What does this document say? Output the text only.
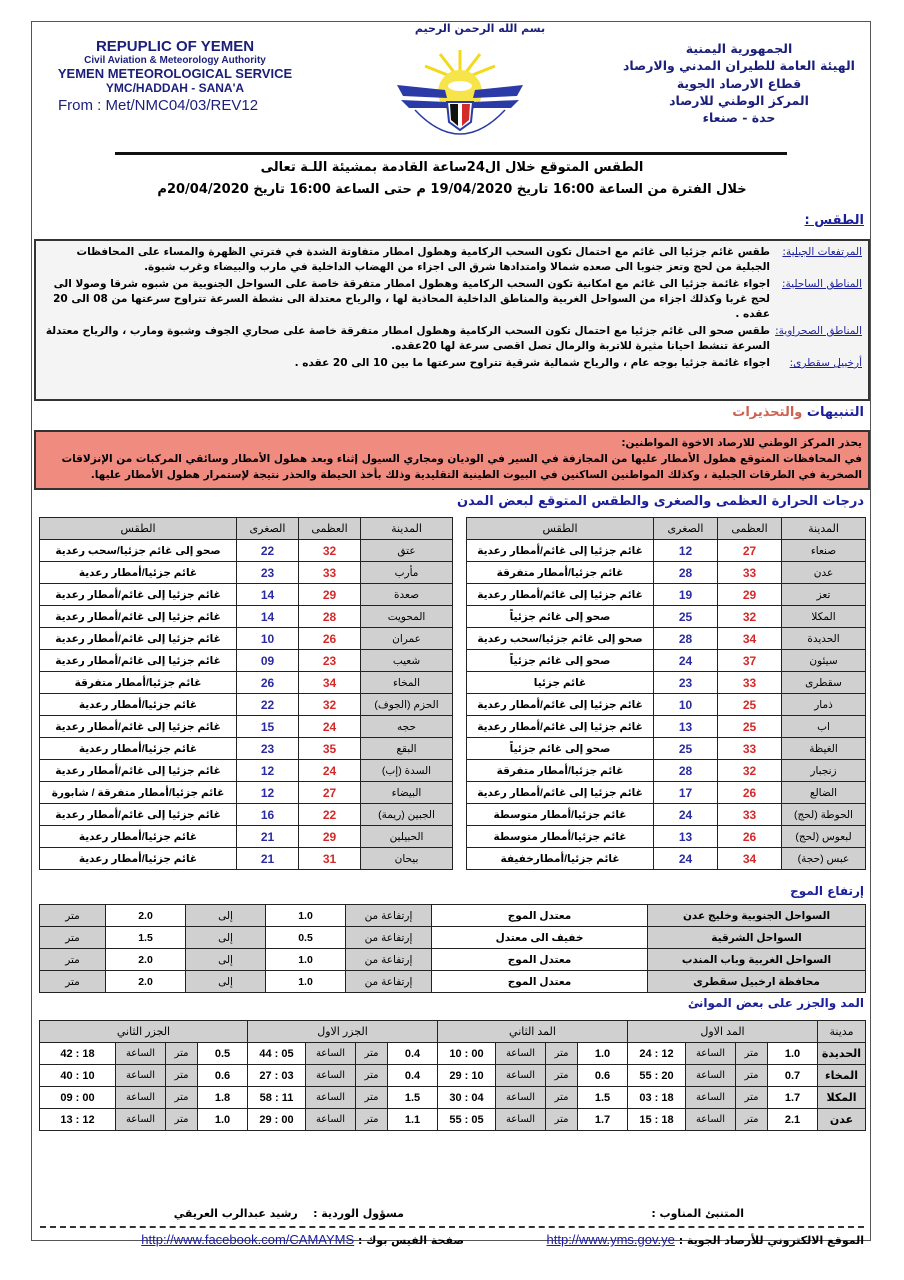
REPUPLIC OF YEMEN
Civil Aviation & Meteorology Authority
YEMEN METEOROLOGICAL SERVICE
YMC/HADDAH - SANA'A
From : Met/NMC04/03/REV12
بسم الله الرحمن الرحيم
الجمهورية اليمنية
الهيئة العامة للطيران المدني والارصاد
قطاع الارصاد الجوية
المركز الوطني للارصاد
حدة - صنعاء
الطقس المتوقع خلال ال24ساعة القادمة بمشيئة اللـة تعالى
خلال الفترة من الساعة 16:00 تاريخ 19/04/2020 م حتى الساعة 16:00 تاريخ 20/04/2020م
الطقس :
المرتفعات الجبلية:
طقس غائم جزئيا الى غائم مع احتمال تكون السحب الركامية وهطول امطار متفاوتة الشدة في فترتي الظهرة والمساء على المحافظات الجبلية من لحج وتعز جنوبا الى صعده شمالا وامتدادها شرق الى اجزاء من الهضاب الداخلية في مارب والبيضاء وغرب شبوة.
المناطق الساحلية:
اجواء غائمة جزئيا الى غائم مع امكانية تكون السحب الركامية وهطول امطار متفرقة خاصة على السواحل الجنوبية من شبوه شرقا وصولا الى لحج غربا وكذلك اجزاء من السواحل الغربية والمناطق الداخلية المحاذية لها ، والرياح معتدلة الى نشطة السرعة تتراوح سرعتها من 08 الى 20 عقده .
المناطق الصحراوية:
طقس صحو الى غائم جزئيا مع احتمال تكون السحب الركامية وهطول امطار متفرقة خاصة على صحاري الجوف وشبوة ومارب ، والرياح معتدلة السرعة تنشط احيانا مثيرة للاتربة والرمال تصل اقصى سرعة لها 20عقده.
أرخبيل سقطرى:
اجواء غائمة جزئيا بوجه عام ، والرياح شمالية شرقية تتراوح سرعتها ما بين 10 الى 20 عقده .
التنبيهات والتحذيرات
يحذر المركز الوطني للارصاد الاخوة المواطنين:
في المحافظات المتوقع هطول الأمطار عليها من المجازفة في السير في الوديان ومجاري السيول إثناء وبعد هطول الأمطار وسائقي المركبات من الإنزلاقات الصخرية في الطرقات الجبلية ، وكذلك المواطنين الساكنين في البيوت الطينية التقليدية وذلك بأخذ الحيطة والحذر نتيجة لإستمرار هطول الأمطار عليها.
درجات الحرارة العظمى والصغرى والطقس المتوقع لبعض المدن
المدينة	العظمى	الصغرى	الطقس
صنعاء	27	12	غائم جزئيا إلى غائم/أمطار رعدية
عدن	33	28	غائم جزئيا/أمطار متفرقة
تعز	29	19	غائم جزئيا إلى غائم/أمطار رعدية
المكلا	32	25	صحو إلى غائم جزئياً
الحديدة	34	28	صحو إلى غائم جزئيا/سحب رعدية
سيئون	37	24	صحو إلى غائم جزئياً
سقطرى	33	23	غائم جزئيا
ذمار	25	10	غائم جزئيا إلى غائم/أمطار رعدية
اب	25	13	غائم جزئيا إلى غائم/أمطار رعدية
الغيظة	33	25	صحو إلى غائم جزئياً
زنجبار	32	28	غائم جزئيا/أمطار متفرقة
الضالع	26	17	غائم جزئيا إلى غائم/أمطار رعدية
الحوطة (لحج)	33	24	غائم جزئيا/أمطار متوسطة
لبعوس (لحج)	26	13	غائم جزئيا/أمطار متوسطة
عبس (حجة)	34	24	غائم جزئيا/أمطارخفيفة
المدينة	العظمى	الصغرى	الطقس
عتق	32	22	صحو إلى غائم جزئيا/سحب رعدية
مأرب	33	23	غائم جزئيا/أمطار رعدية
صعدة	29	14	غائم جزئيا إلى غائم/أمطار رعدية
المحويت	28	14	غائم جزئيا إلى غائم/أمطار رعدية
عمران	26	10	غائم جزئيا إلى غائم/أمطار رعدية
شعيب	23	09	غائم جزئيا إلى غائم/أمطار رعدية
المخاء	34	26	غائم جزئيا/أمطار متفرقة
الحزم (الجوف)	32	22	غائم جزئيا/أمطار رعدية
حجه	24	15	غائم جزئيا إلى غائم/أمطار رعدية
البقع	35	23	غائم جزئيا/أمطار رعدية
السدة (إب)	24	12	غائم جزئيا إلى غائم/أمطار رعدية
البيضاء	27	12	غائم جزئيا/أمطار متفرقة / شابورة
الجبين (ريمة)	22	16	غائم جزئيا إلى غائم/أمطار رعدية
الحبيلين	29	21	غائم جزئيا/أمطار رعدية
بيحان	31	21	غائم جزئيا/أمطار رعدية
إرتفاع الموج
السواحل الجنوبية وخليج عدن	معتدل الموج	إرتفاعة من	1.0	إلى	2.0	متر
السواحل الشرقية	خفيف الى معتدل	إرتفاعة من	0.5	إلى	1.5	متر
السواحل الغربية وباب المندب	معتدل الموج	إرتفاعة من	1.0	إلى	2.0	متر
محافظة ارخبيل سقطرى	معتدل الموج	إرتفاعة من	1.0	إلى	2.0	متر
المد والجزر على بعض الموانئ
مدينة	المد الاول				المد الثاني				الجزر الاول				الجزر الثاني			
الحديدة	1.0	متر	الساعة	12 : 24	1.0	متر	الساعة	00 : 10	0.4	متر	الساعة	05 : 44	0.5	متر	الساعة	18 : 42
المخاء	0.7	متر	الساعة	20 : 55	0.6	متر	الساعة	10 : 29	0.4	متر	الساعة	03 : 27	0.6	متر	الساعة	10 : 40
المكلا	1.7	متر	الساعة	18 : 03	1.5	متر	الساعة	04 : 30	1.5	متر	الساعة	11 : 58	1.8	متر	الساعة	00 : 09
عدن	2.1	متر	الساعة	18 : 15	1.7	متر	الساعة	05 : 55	1.1	متر	الساعة	00 : 29	1.0	متر	الساعة	12 : 13
المتنبئ المناوب :
مسؤول الوردية :    رشيد عبدالرب العريقي
الموقع الالكتروني للأرصاد الجوية : http://www.yms.gov.ye
صفحة الفيس بوك : http://www.facebook.com/CAMAYMS
